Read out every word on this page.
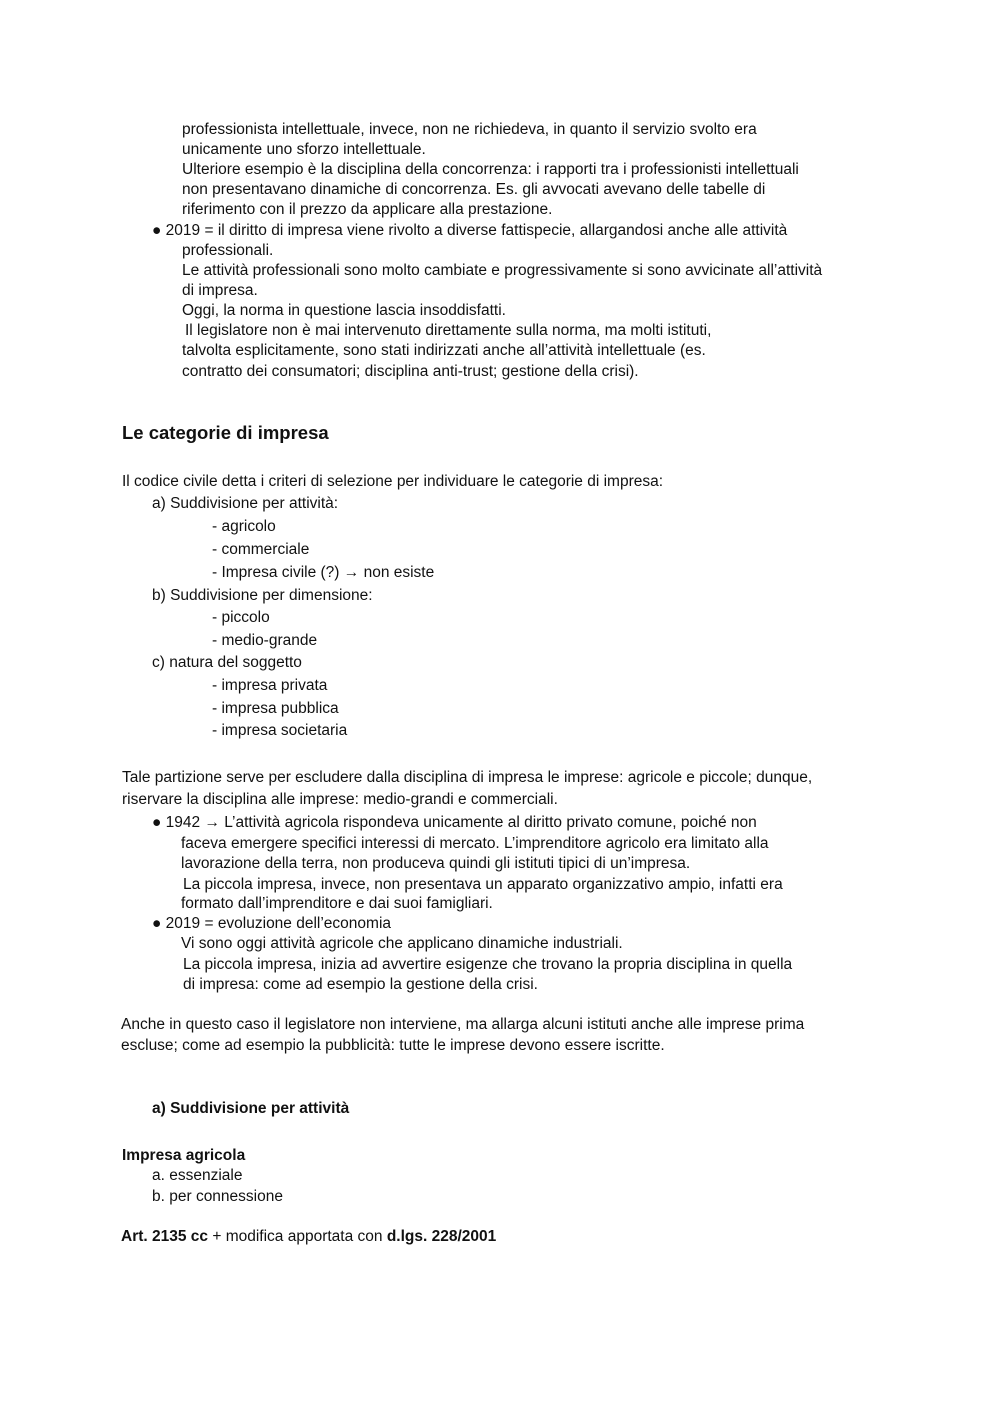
professionista intellettuale, invece, non ne richiedeva, in quanto il servizio svolto era
unicamente uno sforzo intellettuale.
Ulteriore esempio è la disciplina della concorrenza: i rapporti tra i professionisti intellettuali
non presentavano dinamiche di concorrenza. Es. gli avvocati avevano delle tabelle di
riferimento con il prezzo da applicare alla prestazione.
● 2019 = il diritto di impresa viene rivolto a diverse fattispecie, allargandosi anche alle attività
professionali.
Le attività professionali sono molto cambiate e progressivamente si sono avvicinate all’attività
di impresa.
Oggi, la norma in questione lascia insoddisfatti.
Il legislatore non è mai intervenuto direttamente sulla norma, ma molti istituti,
talvolta esplicitamente, sono stati indirizzati anche all’attività intellettuale (es.
contratto dei consumatori; disciplina anti-trust; gestione della crisi).
Le categorie di impresa
Il codice civile detta i criteri di selezione per individuare le categorie di impresa:
a) Suddivisione per attività:
- agricolo
- commerciale
- Impresa civile (?) → non esiste
b) Suddivisione per dimensione:
- piccolo
- medio-grande
c) natura del soggetto
- impresa privata
- impresa pubblica
- impresa societaria
Tale partizione serve per escludere dalla disciplina di impresa le imprese: agricole e piccole; dunque,
riservare la disciplina alle imprese: medio-grandi e commerciali.
● 1942 → L’attività agricola rispondeva unicamente al diritto privato comune, poiché non
faceva emergere specifici interessi di mercato. L’imprenditore agricolo era limitato alla
lavorazione della terra, non produceva quindi gli istituti tipici di un’impresa.
La piccola impresa, invece, non presentava un apparato organizzativo ampio, infatti era
formato dall’imprenditore e dai suoi famigliari.
● 2019 = evoluzione dell’economia
Vi sono oggi attività agricole che applicano dinamiche industriali.
La piccola impresa, inizia ad avvertire esigenze che trovano la propria disciplina in quella
di impresa: come ad esempio la gestione della crisi.
Anche in questo caso il legislatore non interviene, ma allarga alcuni istituti anche alle imprese prima
escluse; come ad esempio la pubblicità: tutte le imprese devono essere iscritte.
a) Suddivisione per attività
Impresa agricola
a. essenziale
b. per connessione
Art. 2135 cc + modifica apportata con d.lgs. 228/2001
